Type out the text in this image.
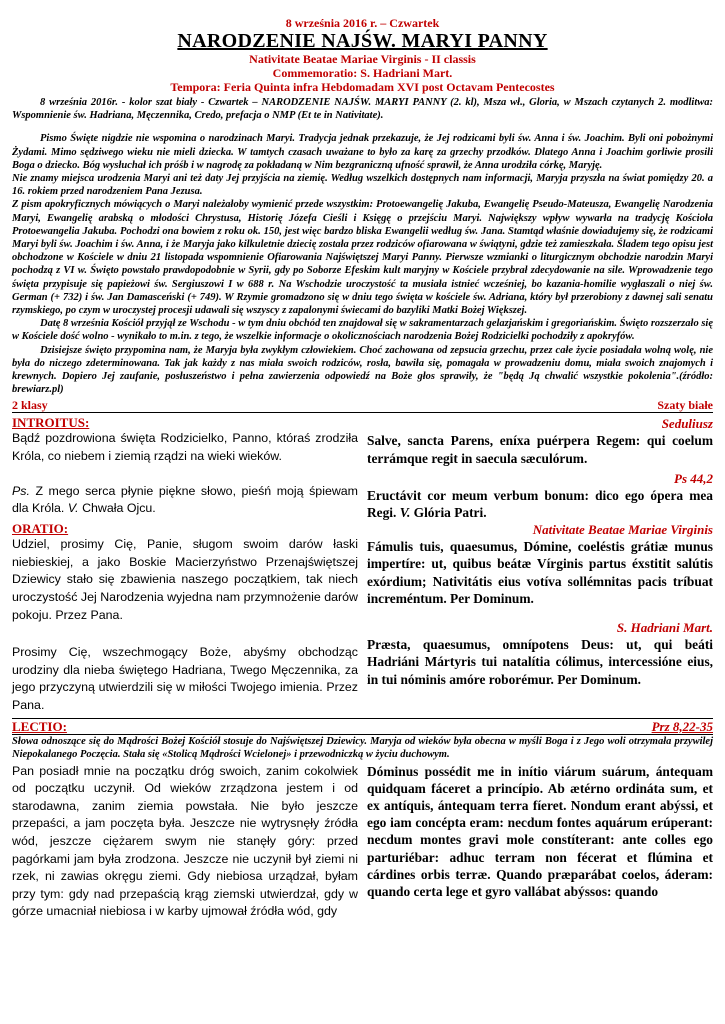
8 września 2016 r. – Czwartek
NARODZENIE NAJŚW. MARYI PANNY
Nativitate Beatae Mariae Virginis - II classis
Commemoratio: S. Hadriani Mart.
Tempora: Feria Quinta infra Hebdomadam XVI post Octavam Pentecostes

8 września 2016r. - kolor szat biały - Czwartek – NARODZENIE NAJŚW. MARYI PANNY (2. kl), Msza wł., Gloria, w Mszach czytanych 2. modlitwa: Wspomnienie św. Hadriana, Męczennika, Credo, prefacja o NMP (Et te in Nativitate).

Pismo Święte nigdzie nie wspomina o narodzinach Maryi. Tradycja jednak przekazuje, że Jej rodzicami byli św. Anna i św. Joachim. Byli oni pobożnymi Żydami. Mimo sędziwego wieku nie mieli dziecka. W tamtych czasach uważane to było za karę za grzechy przodków. Dlatego Anna i Joachim gorliwie prosili Boga o dziecko. Bóg wysłuchał ich próśb i w nagrodę za pokładaną w Nim bezgraniczną ufność sprawił, że Anna urodziła córkę, Maryję.

Nie znamy miejsca urodzenia Maryi ani też daty Jej przyjścia na ziemię. Według wszelkich dostępnych nam informacji, Maryja przyszła na świat pomiędzy 20. a 16. rokiem przed narodzeniem Pana Jezusa.

Z pism apokryficznych mówiących o Maryi należałoby wymienić przede wszystkim: Protoewangelię Jakuba, Ewangelię Pseudo-Mateusza, Ewangelię Narodzenia Maryi, Ewangelię arabską o młodości Chrystusa, Historię Józefa Cieśli i Księgę o przejściu Maryi. Największy wpływ wywarła na tradycję Kościoła Protoewangelia Jakuba. Pochodzi ona bowiem z roku ok. 150, jest więc bardzo bliska Ewangelii według św. Jana. Stamtąd właśnie dowiadujemy się, że rodzicami Maryi byli św. Joachim i św. Anna, i że Maryja jako kilkuletnie dziecię została przez rodziców ofiarowana w świątyni, gdzie też zamieszkała. Śladem tego opisu jest obchodzone w Kościele w dniu 21 listopada wspomnienie Ofiarowania Najświętszej Maryi Panny. Pierwsze wzmianki o liturgicznym obchodzie narodzin Maryi pochodzą z VI w. Święto powstało prawdopodobnie w Syrii, gdy po Soborze Efeskim kult maryjny w Kościele przybrał zdecydowanie na sile. Wprowadzenie tego święta przypisuje się papieżowi św. Sergiuszowi I w 688 r. Na Wschodzie uroczystość ta musiała istnieć wcześniej, bo kazania-homilie wygłaszali o niej św. German (+ 732) i św. Jan Damasceński (+ 749). W Rzymie gromadzono się w dniu tego święta w kościele św. Adriana, który był przerobiony z dawnej sali senatu rzymskiego, po czym w uroczystej procesji udawali się wszyscy z zapalonymi świecami do bazyliki Matki Bożej Większej.

Datę 8 września Kościół przyjął ze Wschodu - w tym dniu obchód ten znajdował się w sakramentarzach gelazjańskim i gregoriańskim. Święto rozszerzało się w Kościele dość wolno - wynikało to m.in. z tego, że wszelkie informacje o okolicznościach narodzenia Bożej Rodzicielki pochodziły z apokryfów.

Dzisiejsze święto przypomina nam, że Maryja była zwykłym człowiekiem. Choć zachowana od zepsucia grzechu, przez całe życie posiadała wolną wolę, nie była do niczego zdeterminowana. Tak jak każdy z nas miała swoich rodziców, rosła, bawiła się, pomagała w prowadzeniu domu, miała swoich znajomych i krewnych. Dopiero Jej zaufanie, posłuszeństwo i pełna zawierzenia odpowiedź na Boże głos sprawiły, że "będą Ją chwalić wszystkie pokolenia".(źródło: brewiarz.pl)

2 klasy	Szaty białe
INTROITUS:

Bądź pozdrowiona święta Rodzicielko, Panno, któraś zrodziła Króla, co niebem i ziemią rządzi na wieki wieków.

Ps. Z mego serca płynie piękne słowo, pieśń moją śpiewam dla Króla. V. Chwała Ojcu.

Seduliusz

Salve, sancta Parens, eníxa puérpera Regem: qui coelum terrámque regit in saecula sæculórum.

Ps 44,2

Eructávit cor meum verbum bonum: dico ego ópera mea Regi. V. Glória Patri.

ORATIO:

Udziel, prosimy Cię, Panie, sługom swoim darów łaski niebieskiej, a jako Boskie Macierzyństwo Przenajświętszej Dziewicy stało się zbawienia naszego początkiem, tak niech uroczystość Jej Narodzenia wyjedna nam przymnożenie darów pokoju. Przez Pana.

Prosimy Cię, wszechmogący Boże, abyśmy obchodząc urodziny dla nieba świętego Hadriana, Twego Męczennika, za jego przyczyną utwierdzili się w miłości Twojego imienia. Przez Pana.

Nativitate Beatae Mariae Virginis

Fámulis tuis, quaesumus, Dómine, coeléstis grátiæ munus impertíre: ut, quibus beátæ Vírginis partus éxstitit salútis exórdium; Nativitátis eius votíva sollémnitas pacis tríbuat increméntum. Per Dominum.

S. Hadriani Mart.

Præsta, quaesumus, omnípotens Deus: ut, qui beáti Hadriáni Mártyris tui natalítia cólimus, intercessióne eius, in tui nóminis amóre roborémur. Per Dominum.

LECTIO:	Prz 8,22-35
Słowa odnoszące się do Mądrości Bożej Kościół stosuje do Najświętszej Dziewicy. Maryja od wieków była obecna w myśli Boga i z Jego woli otrzymała przywilej Niepokalanego Poczęcia. Stała się «Stolicą Mądrości Wcielonej» i przewodniczką w życiu duchowym.

Pan posiadł mnie na początku dróg swoich, zanim cokolwiek od początku uczynił. Od wieków zrządzona jestem i od starodawna, zanim ziemia powstała. Nie było jeszcze przepaści, a jam poczęta była. Jeszcze nie wytrysnęły źródła wód, jeszcze ciężarem swym nie stanęły góry: przed pagórkami jam była zrodzona. Jeszcze nie uczynił był ziemi ni rzek, ni zawias okręgu ziemi. Gdy niebiosa urządzał, byłam przy tym: gdy nad przepaścią krąg ziemski utwierdzał, gdy w górze umacniał niebiosa i w karby ujmował źródła wód, gdy

Dóminus possédit me in inítio viárum suárum, ántequam quidquam fáceret a princípio. Ab ætérno ordináta sum, et ex antíquis, ántequam terra fíeret. Nondum erant abýssi, et ego iam concépta eram: necdum fontes aquárum erúperant: necdum montes gravi mole constíterant: ante colles ego parturiébar: adhuc terram non fécerat et flúmina et cárdines orbis terræ. Quando præparábat coelos, áderam: quando certa lege et gyro vallábat abýssos: quando
